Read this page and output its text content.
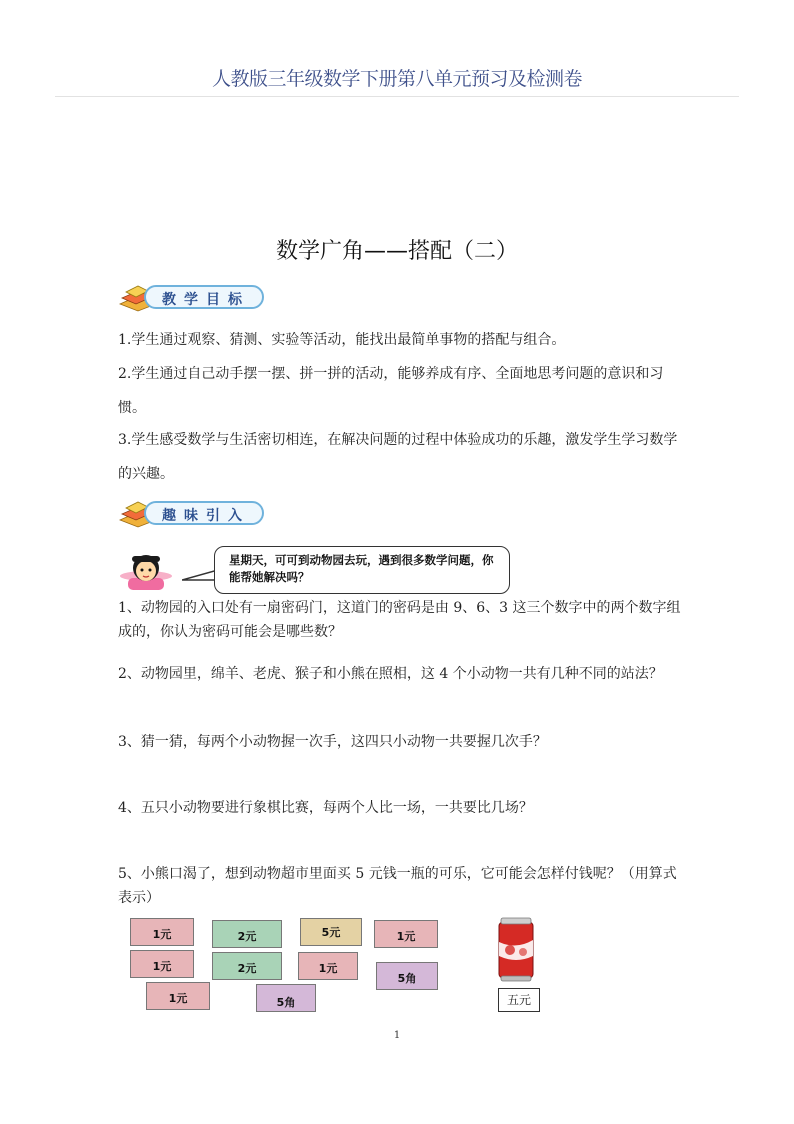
人教版三年级数学下册第八单元预习及检测卷
数学广角——搭配（二）
教学目标
1.学生通过观察、猜测、实验等活动，能找出最简单事物的搭配与组合。
2.学生通过自己动手摆一摆、拼一拼的活动，能够养成有序、全面地思考问题的意识和习惯。
3.学生感受数学与生活密切相连，在解决问题的过程中体验成功的乐趣，激发学生学习数学的兴趣。
趣味引入
星期天，可可到动物园去玩，遇到很多数学问题，你能帮她解决吗？
1、动物园的入口处有一扇密码门，这道门的密码是由 9、6、3 这三个数字中的两个数字组成的，你认为密码可能会是哪些数？
2、动物园里，绵羊、老虎、猴子和小熊在照相，这 4 个小动物一共有几种不同的站法？
3、猜一猜，每两个小动物握一次手，这四只小动物一共要握几次手？
4、五只小动物要进行象棋比赛，每两个人比一场，一共要比几场？
5、小熊口渴了，想到动物超市里面买 5 元钱一瓶的可乐，它可能会怎样付钱呢？（用算式表示）
1元	2元	5元	1元
1元	2元	1元
5角
1元	5角	五元
1
